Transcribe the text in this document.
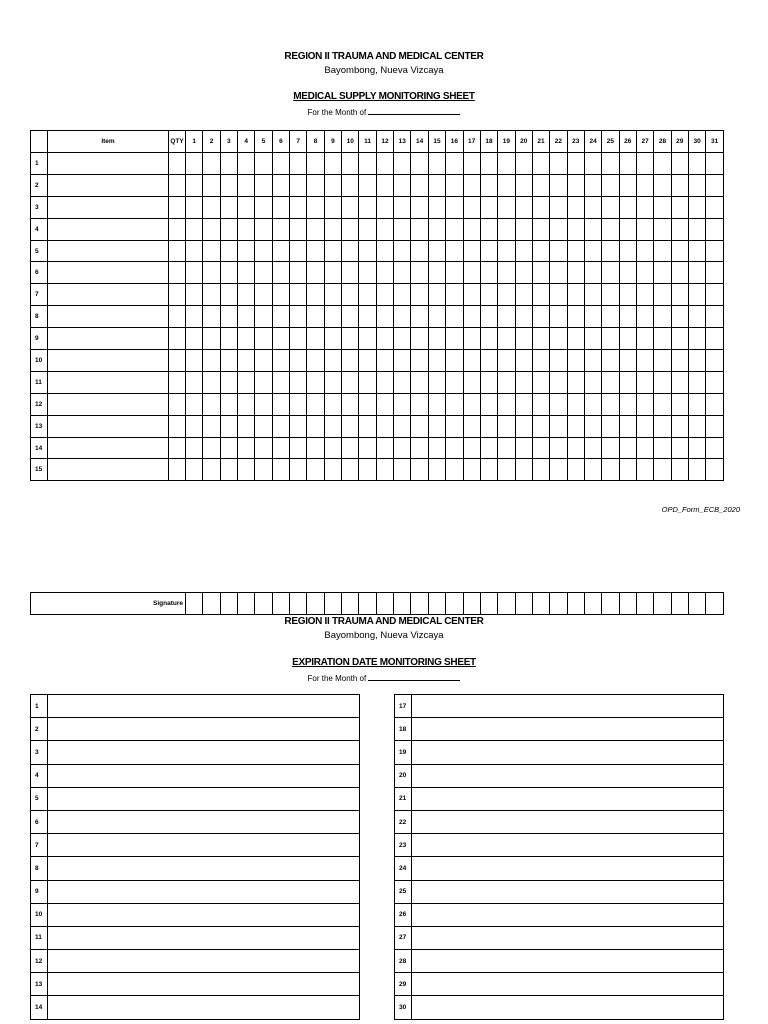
REGION II TRAUMA AND MEDICAL CENTER
Bayombong, Nueva Vizcaya
MEDICAL SUPPLY MONITORING SHEET
For the Month of
	Item	QTY	1	2	3	4	5	6	7	8	9	10	11	12	13	14	15	16	17	18	19	20	21	22	23	24	25	26	27	28	29	30	31
1																																	
2																																	
3																																	
4																																	
5																																	
6																																	
7																																	
8																																	
9																																	
10																																	
11																																	
12																																	
13																																	
14																																	
15																																	
OPD_Form_ECB_2020
Signature																															
REGION II TRAUMA AND MEDICAL CENTER
Bayombong, Nueva Vizcaya
EXPIRATION DATE MONITORING SHEET
For the Month of
1	
2	
3	
4	
5	
6	
7	
8	
9	
10	
11	
12	
13	
14	
17	
18	
19	
20	
21	
22	
23	
24	
25	
26	
27	
28	
29	
30	
